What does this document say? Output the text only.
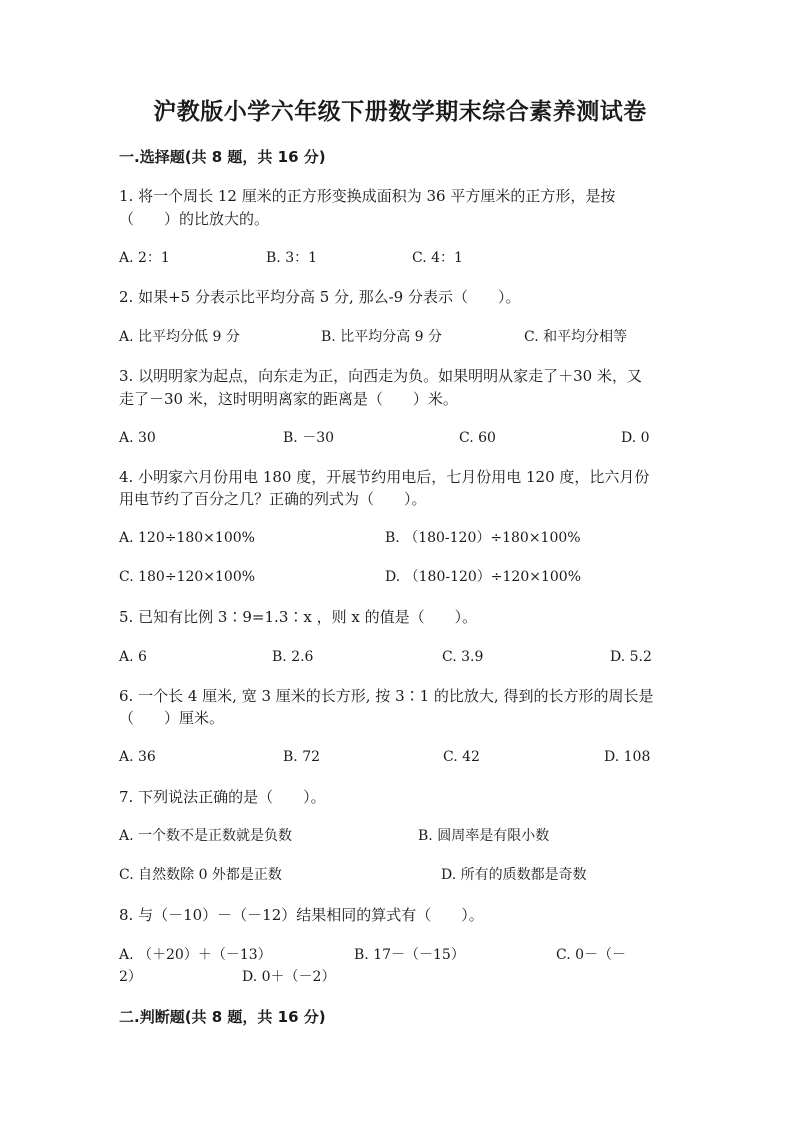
沪教版小学六年级下册数学期末综合素养测试卷
一.选择题(共 8 题，共 16 分)
1. 将一个周长 12 厘米的正方形变换成面积为 36 平方厘米的正方形，是按
（　　）的比放大的。
A. 2：1	B. 3：1	C. 4：1
2. 如果+5 分表示比平均分高 5 分, 那么-9 分表示（　　）。
A. 比平均分低 9 分	B. 比平均分高 9 分	C. 和平均分相等
3. 以明明家为起点，向东走为正，向西走为负。如果明明从家走了＋30 米，又
走了－30 米，这时明明离家的距离是（　　）米。
A. 30	B. －30	C. 60	D. 0
4. 小明家六月份用电 180 度，开展节约用电后，七月份用电 120 度，比六月份
用电节约了百分之几？正确的列式为（　　）。
A. 120÷180×100%	B. （180-120）÷180×100%
C. 180÷120×100%	D. （180-120）÷120×100%
5. 已知有比例 3∶9=1.3∶x ，则 x 的值是（　　）。
A. 6	B. 2.6	C. 3.9	D. 5.2
6. 一个长 4 厘米, 宽 3 厘米的长方形, 按 3∶1 的比放大, 得到的长方形的周长是
（　　）厘米。
A. 36	B. 72	C. 42	D. 108
7. 下列说法正确的是（　　）。
A. 一个数不是正数就是负数	B. 圆周率是有限小数
C. 自然数除 0 外都是正数	D. 所有的质数都是奇数
8. 与（－10）－（－12）结果相同的算式有（　　）。
A. （＋20）＋（－13）	B. 17－（－15）	C. 0－（－
2）	D. 0＋（－2）
二.判断题(共 8 题，共 16 分)
